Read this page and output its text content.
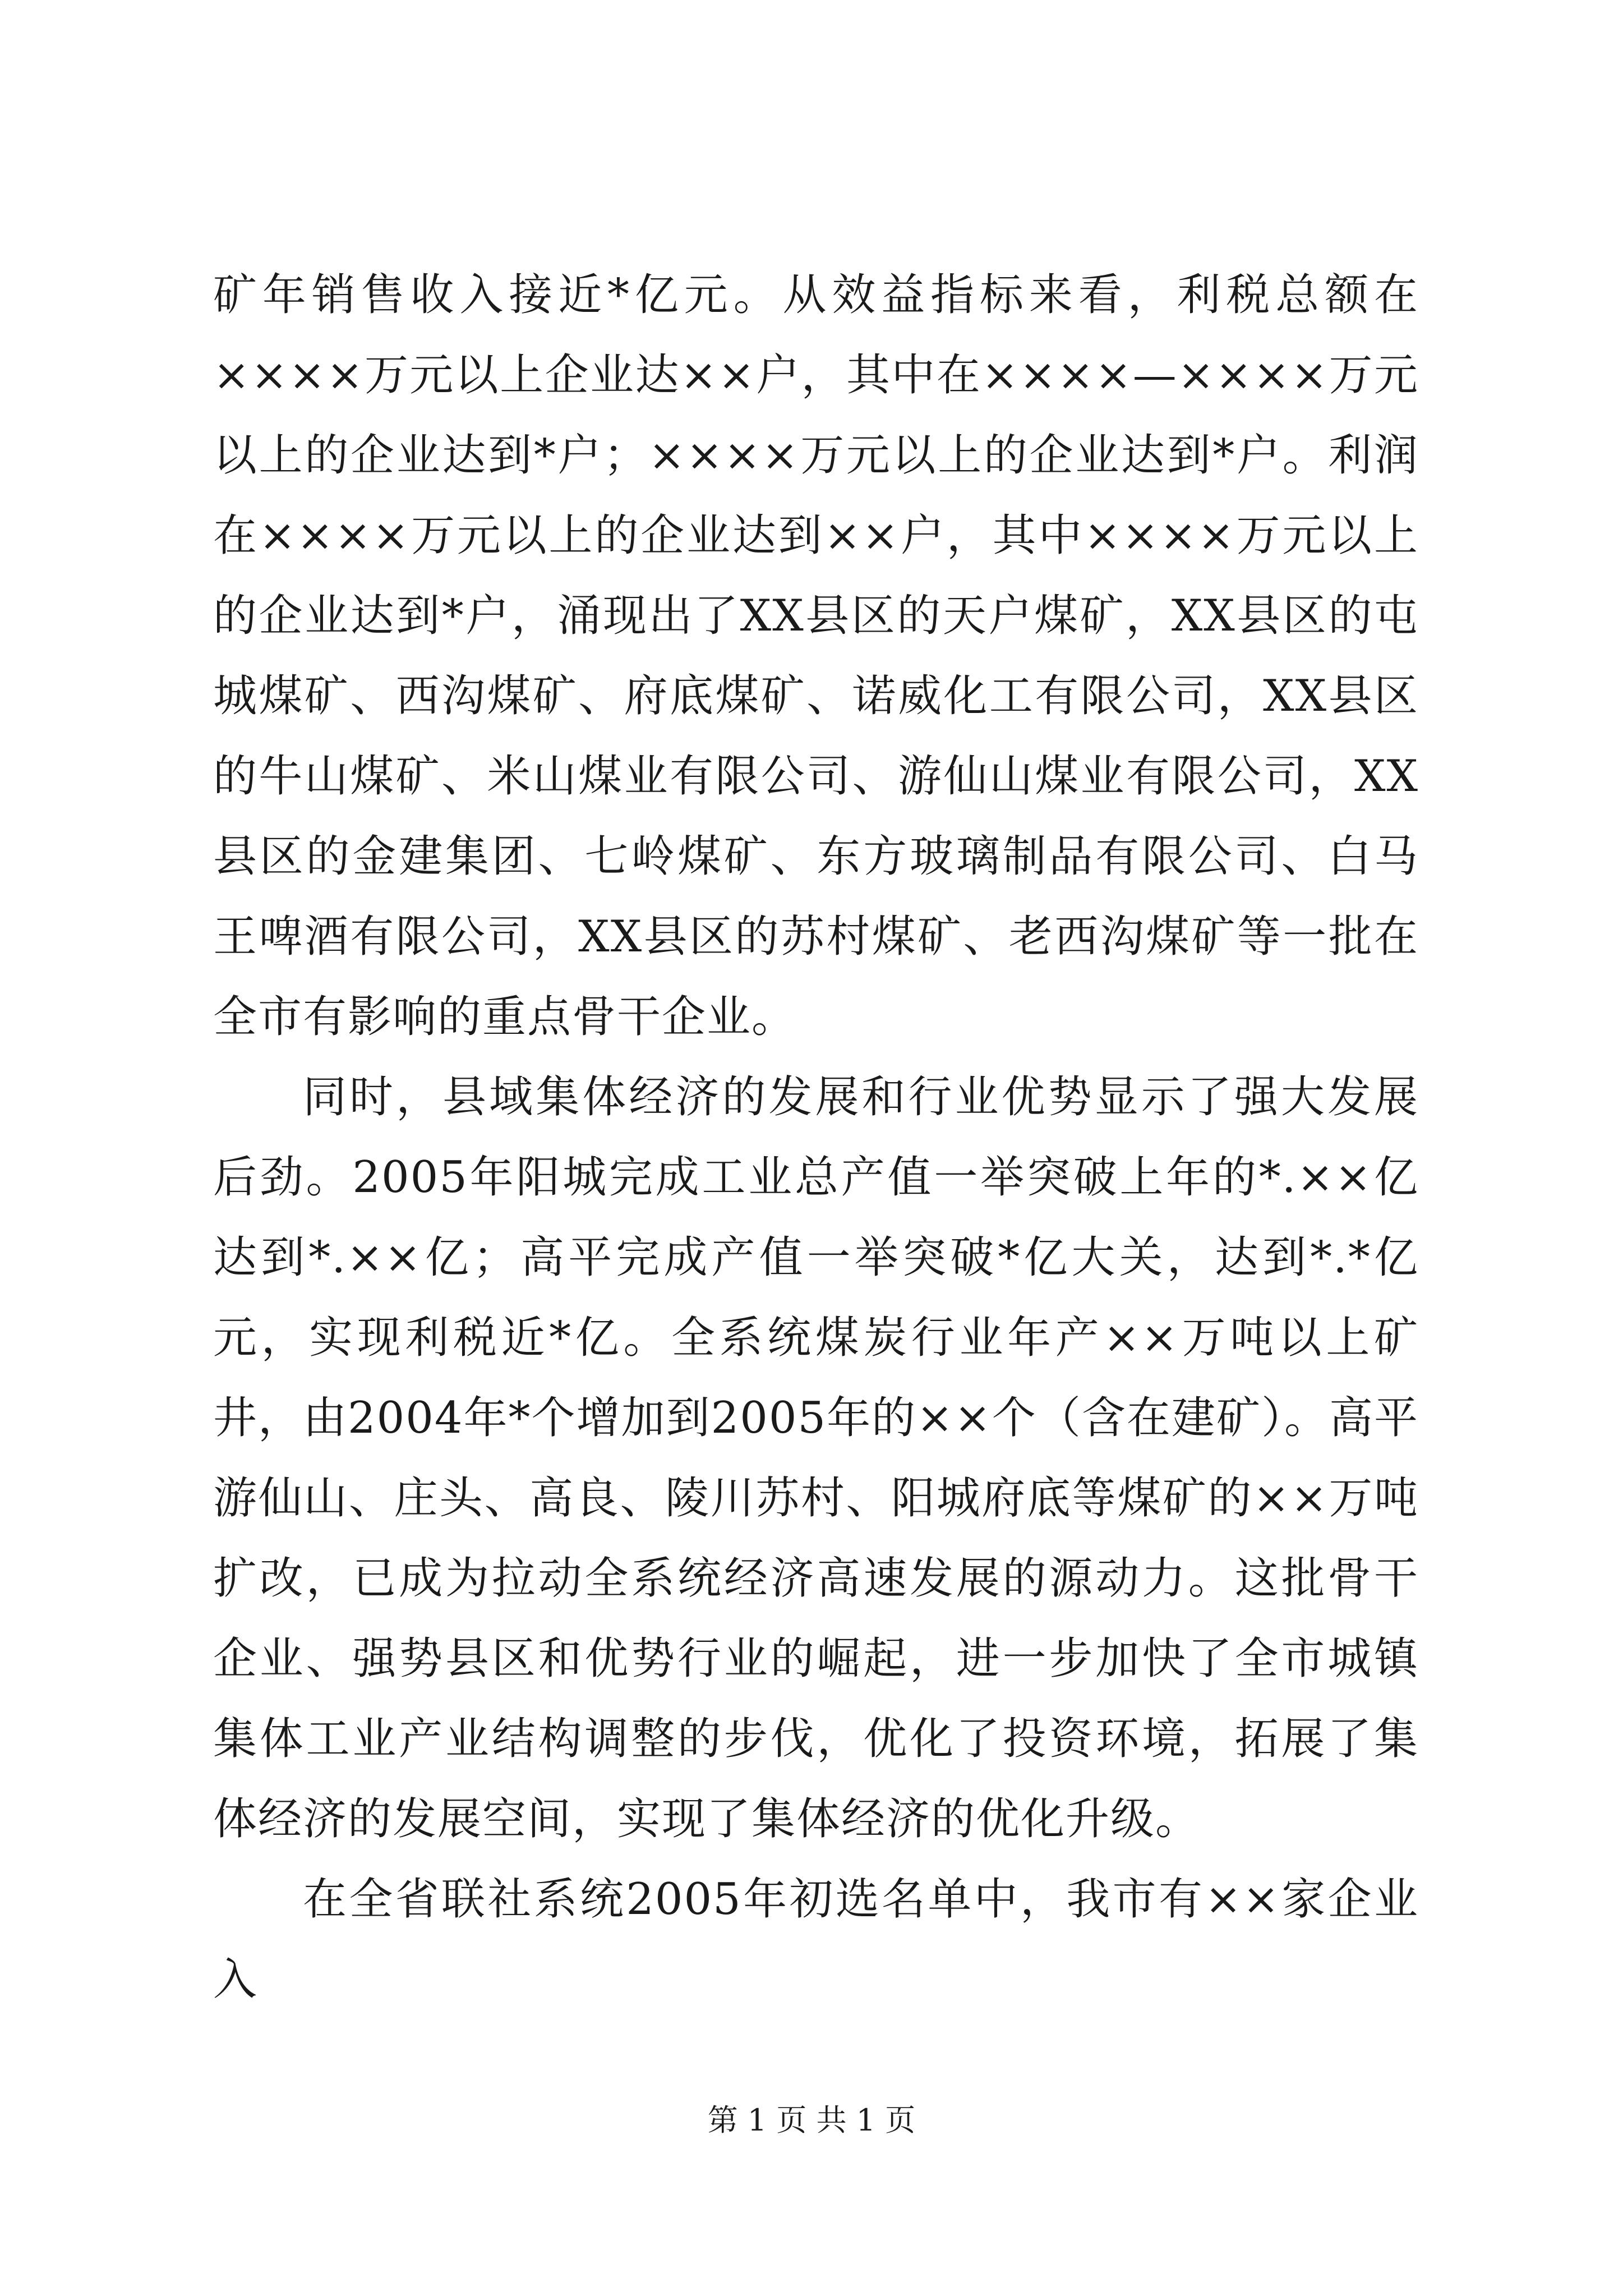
矿年销售收入接近*亿元。从效益指标来看，利税总额在××××万元以上企业达××户，其中在××××—××××万元以上的企业达到*户；××××万元以上的企业达到*户。利润在××××万元以上的企业达到××户，其中××××万元以上的企业达到*户，涌现出了XX县区的天户煤矿，XX县区的屯城煤矿、西沟煤矿、府底煤矿、诺威化工有限公司，XX县区的牛山煤矿、米山煤业有限公司、游仙山煤业有限公司，XX县区的金建集团、七岭煤矿、东方玻璃制品有限公司、白马王啤酒有限公司，XX县区的苏村煤矿、老西沟煤矿等一批在全市有影响的重点骨干企业。

同时，县域集体经济的发展和行业优势显示了强大发展后劲。2005年阳城完成工业总产值一举突破上年的*.××亿达到*.××亿；高平完成产值一举突破*亿大关，达到*.*亿元，实现利税近*亿。全系统煤炭行业年产××万吨以上矿井，由2004年*个增加到2005年的××个（含在建矿）。高平游仙山、庄头、高良、陵川苏村、阳城府底等煤矿的××万吨扩改，已成为拉动全系统经济高速发展的源动力。这批骨干企业、强势县区和优势行业的崛起，进一步加快了全市城镇集体工业产业结构调整的步伐，优化了投资环境，拓展了集体经济的发展空间，实现了集体经济的优化升级。

在全省联社系统2005年初选名单中，我市有××家企业入

第 1 页 共 1 页
